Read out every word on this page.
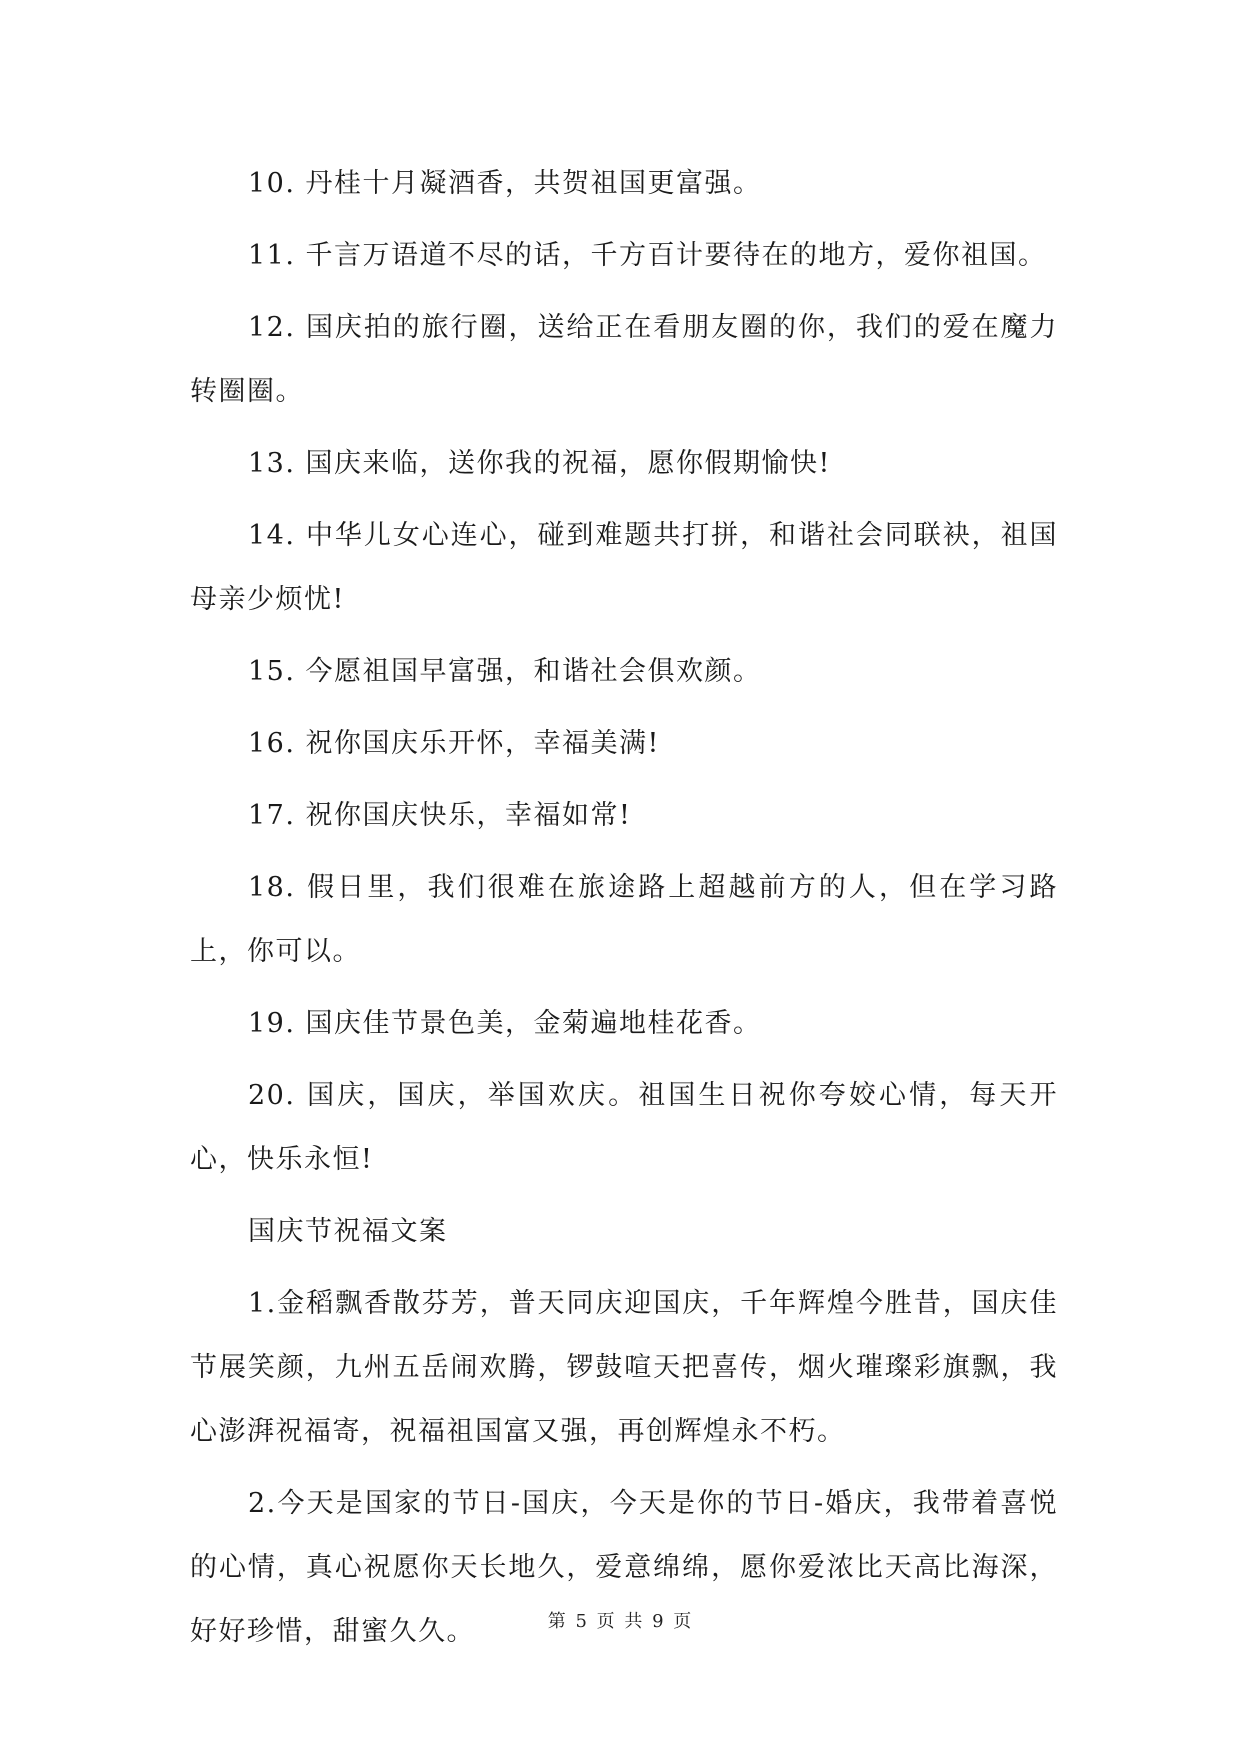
10. 丹桂十月凝酒香，共贺祖国更富强。

11. 千言万语道不尽的话，千方百计要待在的地方，爱你祖国。

12. 国庆拍的旅行圈，送给正在看朋友圈的你，我们的爱在魔力转圈圈。

13. 国庆来临，送你我的祝福，愿你假期愉快!

14. 中华儿女心连心，碰到难题共打拼，和谐社会同联袂，祖国母亲少烦忧!

15. 今愿祖国早富强，和谐社会俱欢颜。

16. 祝你国庆乐开怀，幸福美满!

17. 祝你国庆快乐，幸福如常!

18. 假日里，我们很难在旅途路上超越前方的人，但在学习路上，你可以。

19. 国庆佳节景色美，金菊遍地桂花香。

20. 国庆，国庆，举国欢庆。祖国生日祝你夸姣心情，每天开心，快乐永恒!

国庆节祝福文案

1.金稻飘香散芬芳，普天同庆迎国庆，千年辉煌今胜昔，国庆佳节展笑颜，九州五岳闹欢腾，锣鼓喧天把喜传，烟火璀璨彩旗飘，我心澎湃祝福寄，祝福祖国富又强，再创辉煌永不朽。

2.今天是国家的节日-国庆，今天是你的节日-婚庆，我带着喜悦的心情，真心祝愿你天长地久，爱意绵绵，愿你爱浓比天高比海深，好好珍惜，甜蜜久久。	第 5 页 共 9 页
